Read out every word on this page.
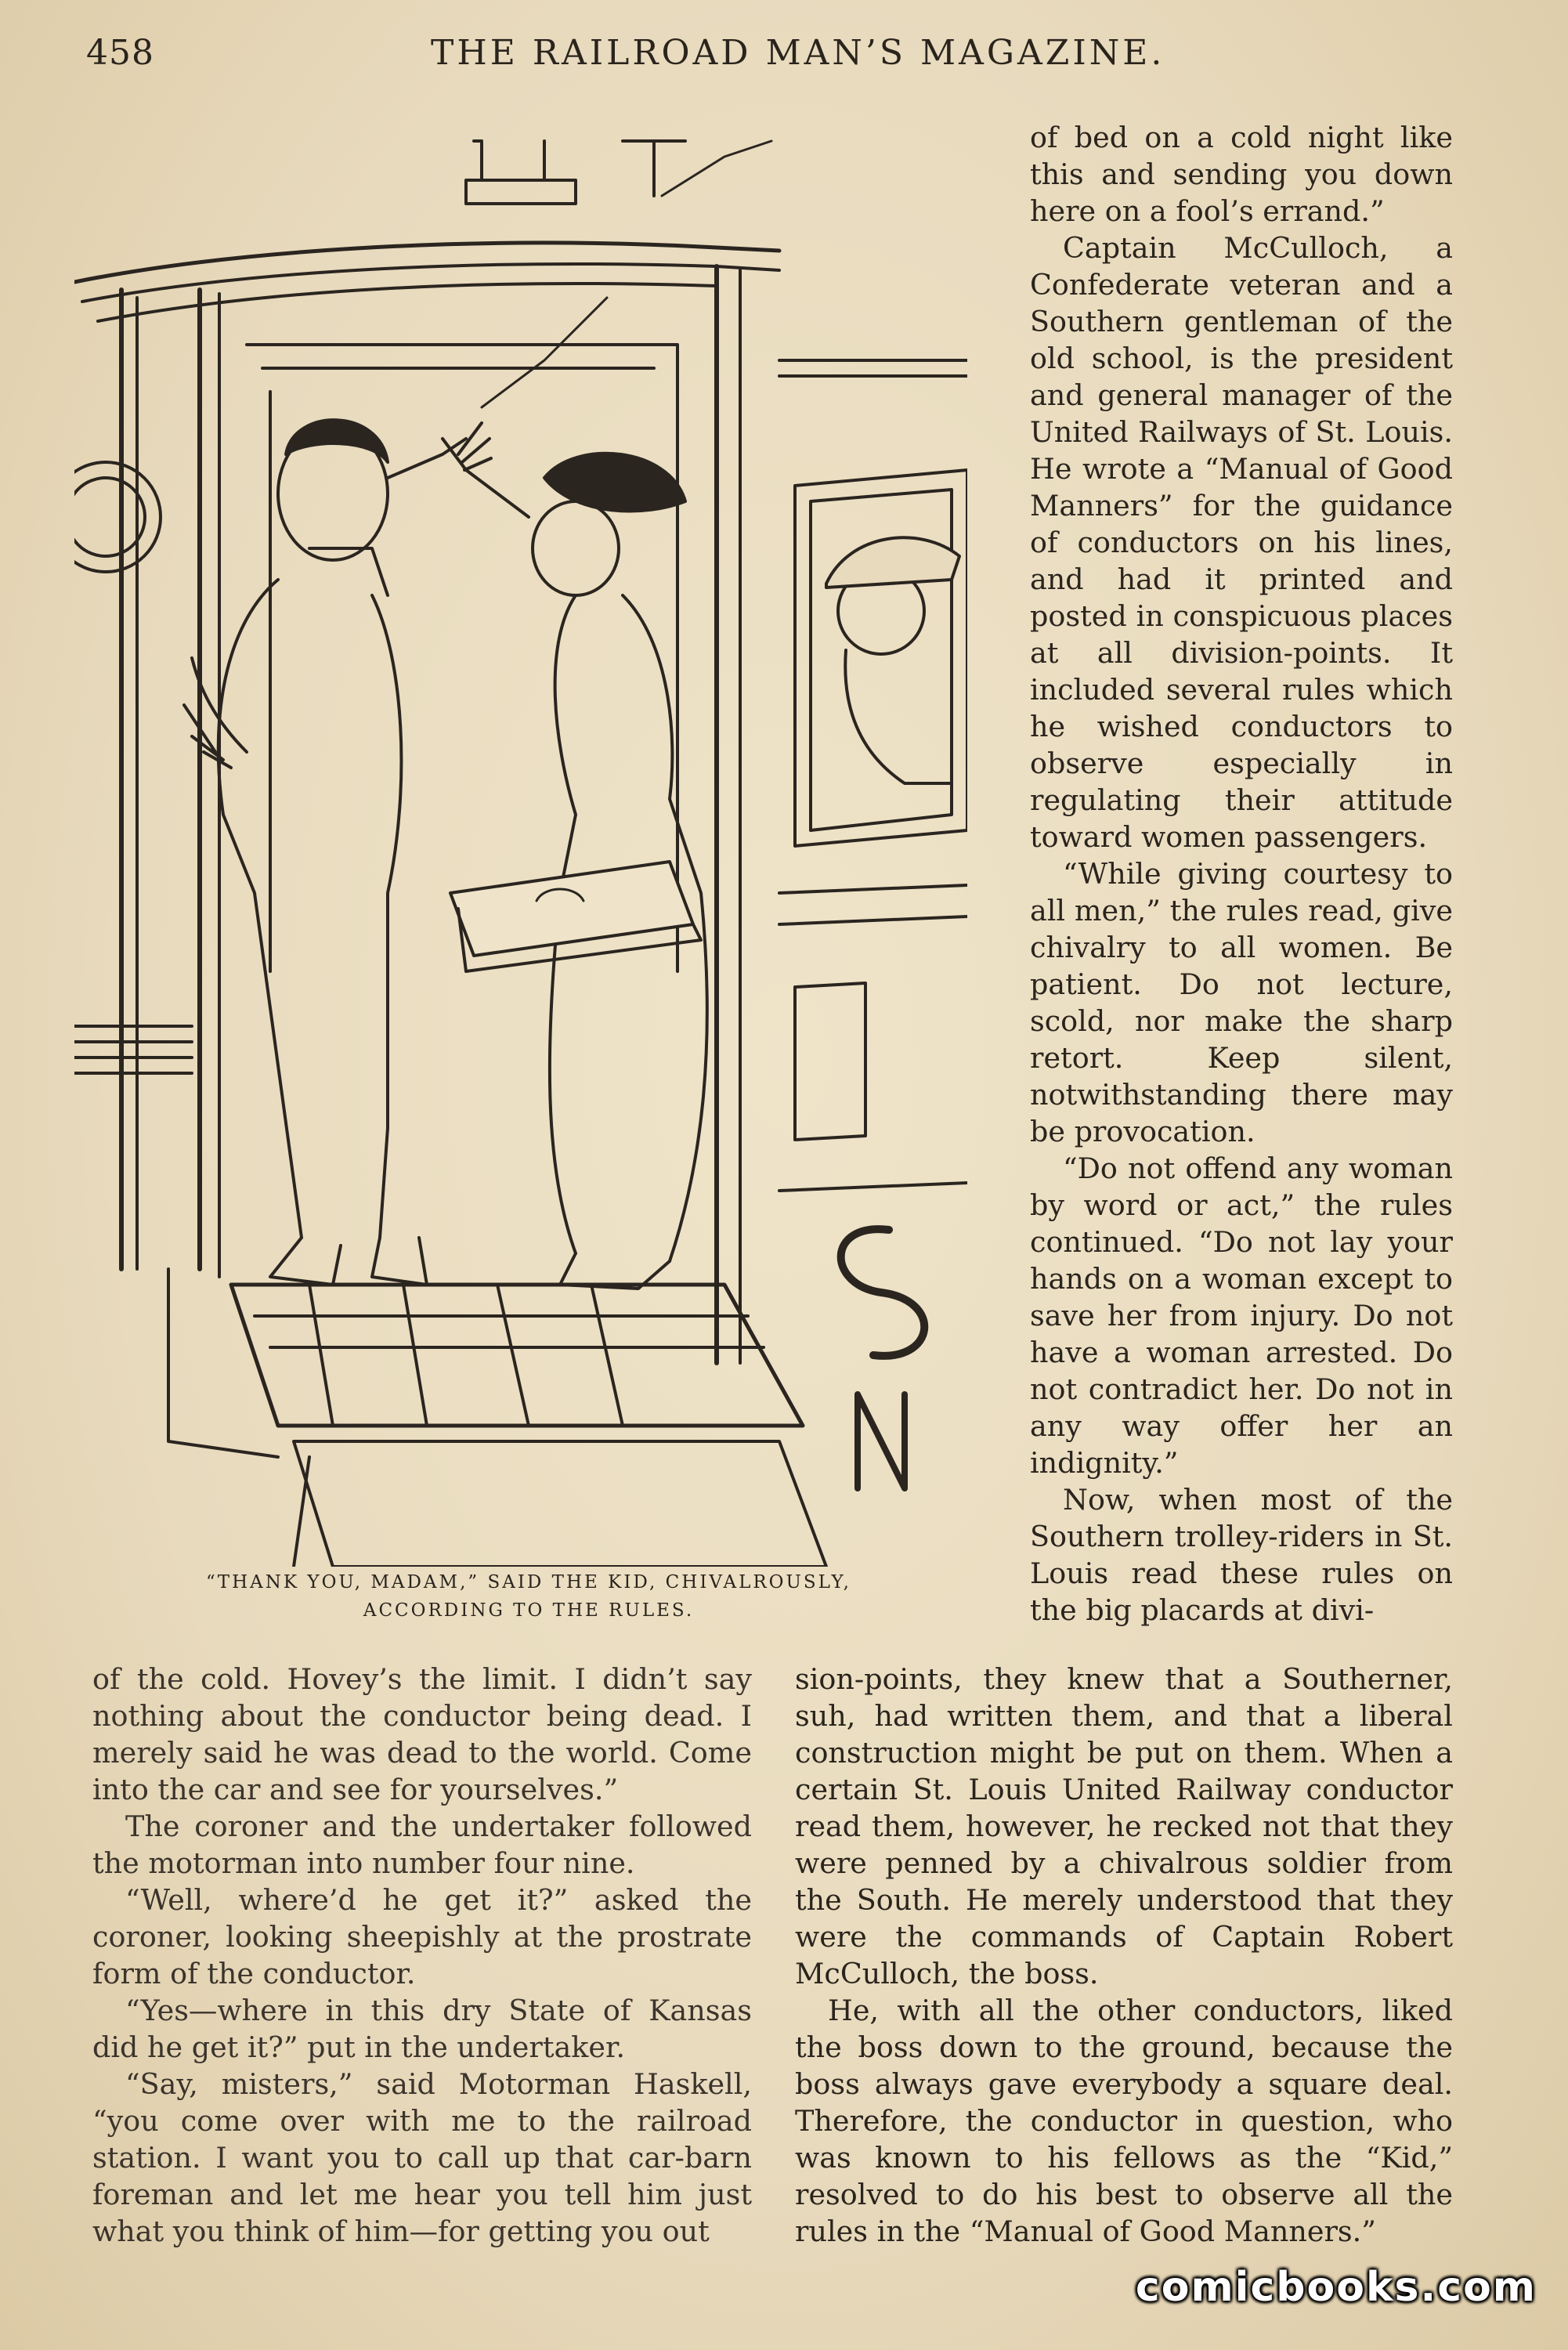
458	THE RAILROAD MAN’S MAGAZINE.
“THANK YOU, MADAM,” SAID THE KID, CHIVALROUSLY,
ACCORDING TO THE RULES.

of bed on a cold night like this and sending you down here on a fool’s errand.”

Captain McCulloch, a Confederate veteran and a Southern gentleman of the old school, is the president and general manager of the United Railways of St. Louis. He wrote a “Manual of Good Manners” for the guidance of conductors on his lines, and had it printed and posted in conspicuous places at all division-points. It included several rules which he wished conductors to observe especially in regulating their attitude toward women passengers.

“While giving courtesy to all men,” the rules read, give chivalry to all women. Be patient. Do not lecture, scold, nor make the sharp retort. Keep silent, notwithstanding there may be provocation.

“Do not offend any woman by word or act,” the rules continued. “Do not lay your hands on a woman except to save her from injury. Do not have a woman arrested. Do not contradict her. Do not in any way offer her an indignity.”

Now, when most of the Southern trolley-riders in St. Louis read these rules on the big placards at divi-

of the cold. Hovey’s the limit. I didn’t say nothing about the conductor being dead. I merely said he was dead to the world. Come into the car and see for yourselves.”

The coroner and the undertaker followed the motorman into number four nine.

“Well, where’d he get it?” asked the coroner, looking sheepishly at the prostrate form of the conductor.

“Yes—where in this dry State of Kansas did he get it?” put in the undertaker.

“Say, misters,” said Motorman Haskell, “you come over with me to the railroad station. I want you to call up that car-barn foreman and let me hear you tell him just what you think of him—for getting you out

sion-points, they knew that a Southerner, suh, had written them, and that a liberal construction might be put on them. When a certain St. Louis United Railway conductor read them, however, he recked not that they were penned by a chivalrous soldier from the South. He merely understood that they were the commands of Captain Robert McCulloch, the boss.

He, with all the other conductors, liked the boss down to the ground, because the boss always gave everybody a square deal. Therefore, the conductor in question, who was known to his fellows as the “Kid,” resolved to do his best to observe all the rules in the “Manual of Good Manners.”

comicbooks.com
